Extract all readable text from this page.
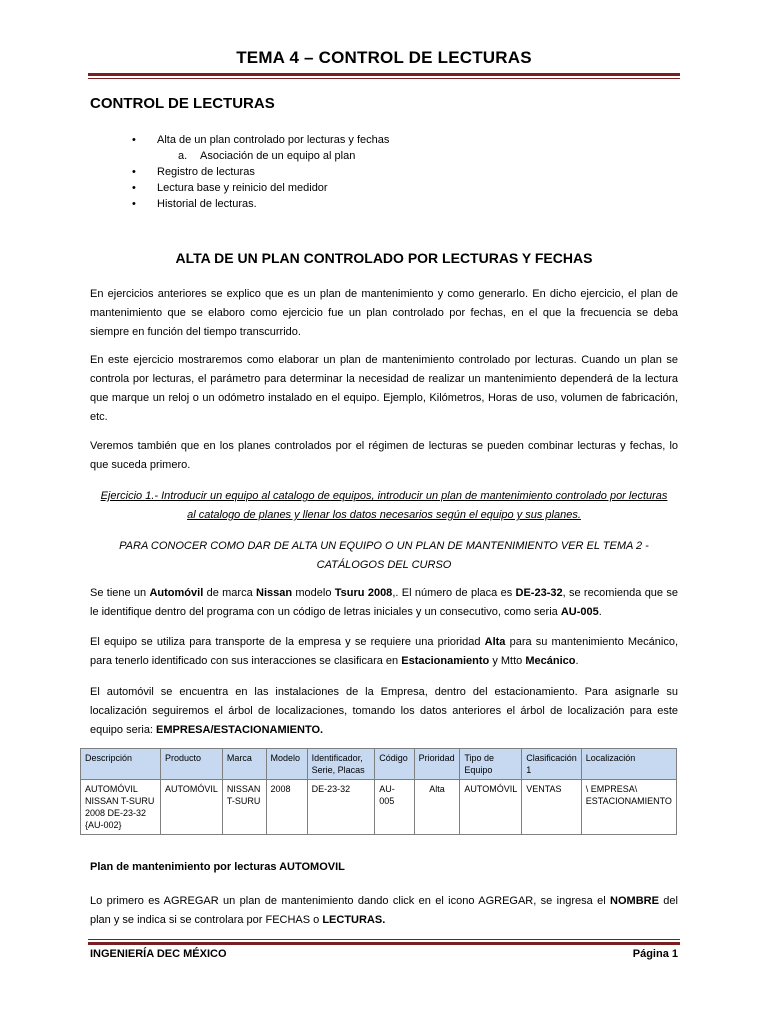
TEMA 4 – CONTROL DE LECTURAS
CONTROL DE LECTURAS
• Alta de un plan controlado por lecturas y fechas
a. Asociación de un equipo al plan
• Registro de lecturas
• Lectura base y reinicio del medidor
• Historial de lecturas.
ALTA DE UN PLAN CONTROLADO POR LECTURAS Y FECHAS
En ejercicios anteriores se explico que es un plan de mantenimiento y como generarlo. En dicho ejercicio, el plan de mantenimiento que se elaboro como ejercicio fue un plan controlado por fechas, en el que la frecuencia se deba siempre en función del tiempo transcurrido.
En este ejercicio mostraremos como elaborar un plan de mantenimiento controlado por lecturas. Cuando un plan se controla por lecturas, el parámetro para determinar la necesidad de realizar un mantenimiento dependerá de la lectura que marque un reloj o un odómetro instalado en el equipo. Ejemplo, Kilómetros, Horas de uso, volumen de fabricación, etc.
Veremos también que en los planes controlados por el régimen de lecturas se pueden combinar lecturas y fechas, lo que suceda primero.
Ejercicio 1.- Introducir un equipo al catalogo de equipos, introducir un plan de mantenimiento controlado por lecturas al catalogo de planes y llenar los datos necesarios según el equipo y sus planes.
PARA CONOCER COMO DAR DE ALTA UN EQUIPO O UN PLAN DE MANTENIMIENTO VER EL TEMA 2 - CATÁLOGOS DEL CURSO
Se tiene un Automóvil de marca Nissan modelo Tsuru 2008,. El número de placa es DE-23-32, se recomienda que se le identifique dentro del programa con un código de letras iniciales y un consecutivo, como seria AU-005.
El equipo se utiliza para transporte de la empresa y se requiere una prioridad Alta para su mantenimiento Mecánico, para tenerlo identificado con sus interacciones se clasificara en Estacionamiento y Mtto Mecánico.
El automóvil se encuentra en las instalaciones de la Empresa, dentro del estacionamiento. Para asignarle su localización seguiremos el árbol de localizaciones, tomando los datos anteriores el árbol de localización para este equipo seria: EMPRESA/ESTACIONAMIENTO.
Descripción	Producto	Marca	Modelo	Identificador, Serie, Placas	Código	Prioridad	Tipo de Equipo	Clasificación 1	Localización
AUTOMÓVIL NISSAN T-SURU 2008 DE-23-32 {AU-002}	AUTOMÓVIL	NISSAN T-SURU	2008	DE-23-32	AU-005	Alta	AUTOMÓVIL	VENTAS	\ EMPRESA\ ESTACIONAMIENTO
Plan de mantenimiento por lecturas AUTOMOVIL
Lo primero es AGREGAR un plan de mantenimiento dando click en el icono AGREGAR, se ingresa el NOMBRE del plan y se indica si se controlara por FECHAS o LECTURAS.
INGENIERÍA DEC MÉXICO	Página 1
